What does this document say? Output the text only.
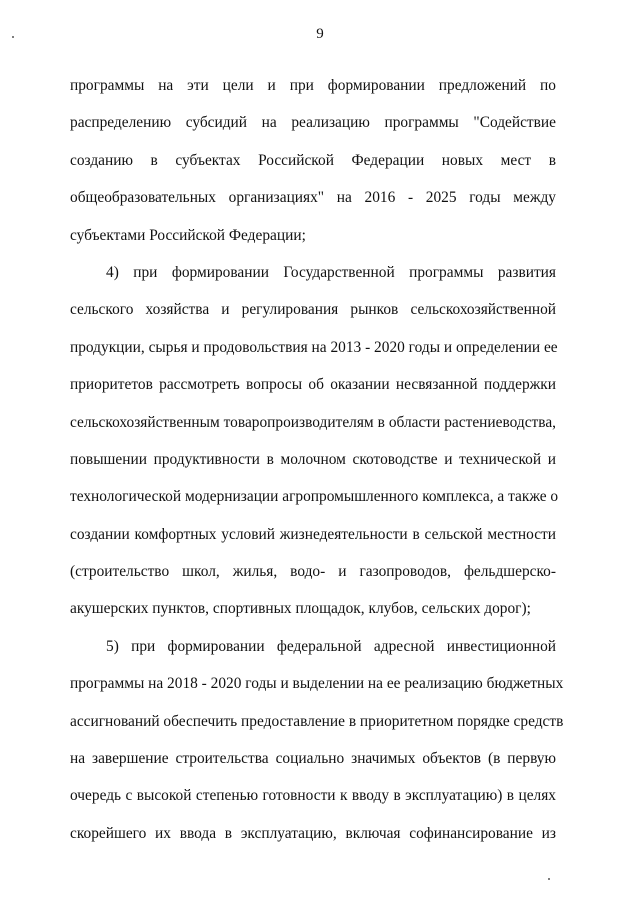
9
программы на эти цели и при формировании предложений по
распределению субсидий на реализацию программы "Содействие
созданию в субъектах Российской Федерации новых мест в
общеобразовательных организациях" на 2016 - 2025 годы между
субъектами Российской Федерации;
4) при формировании Государственной программы развития
сельского хозяйства и регулирования рынков сельскохозяйственной
продукции, сырья и продовольствия на 2013 - 2020 годы и определении ее
приоритетов рассмотреть вопросы об оказании несвязанной поддержки
сельскохозяйственным товаропроизводителям в области растениеводства,
повышении продуктивности в молочном скотоводстве и технической и
технологической модернизации агропромышленного комплекса, а также о
создании комфортных условий жизнедеятельности в сельской местности
(строительство школ, жилья, водо- и газопроводов, фельдшерско-
акушерских пунктов, спортивных площадок, клубов, сельских дорог);
5) при формировании федеральной адресной инвестиционной
программы на 2018 - 2020 годы и выделении на ее реализацию бюджетных
ассигнований обеспечить предоставление в приоритетном порядке средств
на завершение строительства социально значимых объектов (в первую
очередь с высокой степенью готовности к вводу в эксплуатацию) в целях
скорейшего их ввода в эксплуатацию, включая софинансирование из
